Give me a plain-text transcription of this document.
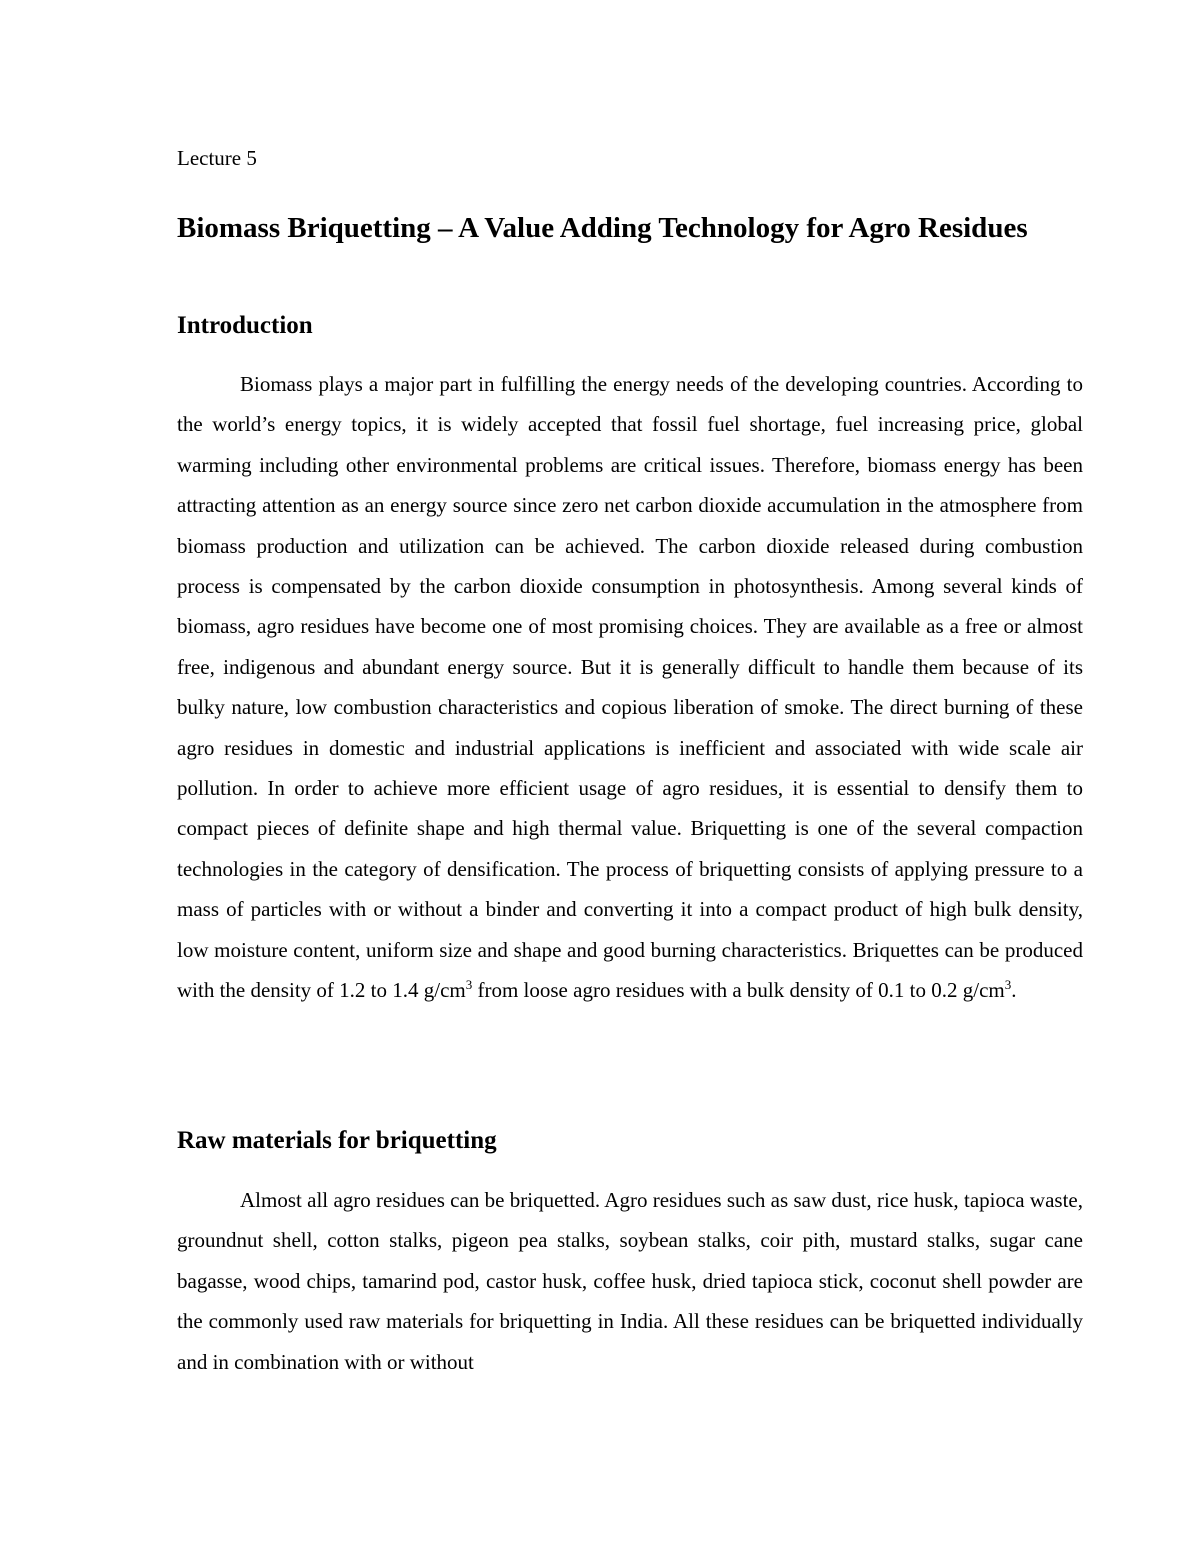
Lecture 5

Biomass Briquetting – A Value Adding Technology for Agro Residues
Introduction

Biomass plays a major part in fulfilling the energy needs of the developing countries. According to the world’s energy topics, it is widely accepted that fossil fuel shortage, fuel increasing price, global warming including other environmental problems are critical issues. Therefore, biomass energy has been attracting attention as an energy source since zero net carbon dioxide accumulation in the atmosphere from biomass production and utilization can be achieved. The carbon dioxide released during combustion process is compensated by the carbon dioxide consumption in photosynthesis. Among several kinds of biomass, agro residues have become one of most promising choices. They are available as a free or almost free, indigenous and abundant energy source. But it is generally difficult to handle them because of its bulky nature, low combustion characteristics and copious liberation of smoke. The direct burning of these agro residues in domestic and industrial applications is inefficient and associated with wide scale air pollution. In order to achieve more efficient usage of agro residues, it is essential to densify them to compact pieces of definite shape and high thermal value. Briquetting is one of the several compaction technologies in the category of densification. The process of briquetting consists of applying pressure to a mass of particles with or without a binder and converting it into a compact product of high bulk density, low moisture content, uniform size and shape and good burning characteristics. Briquettes can be produced with the density of 1.2 to 1.4 $g/cm^3$ from loose agro residues with a bulk density of 0.1 to 0.2 $g/cm^3$.

Raw materials for briquetting

Almost all agro residues can be briquetted. Agro residues such as saw dust, rice husk, tapioca waste, groundnut shell, cotton stalks, pigeon pea stalks, soybean stalks, coir pith, mustard stalks, sugar cane bagasse, wood chips, tamarind pod, castor husk, coffee husk, dried tapioca stick, coconut shell powder are the commonly used raw materials for briquetting in India. All these residues can be briquetted individually and in combination with or without
